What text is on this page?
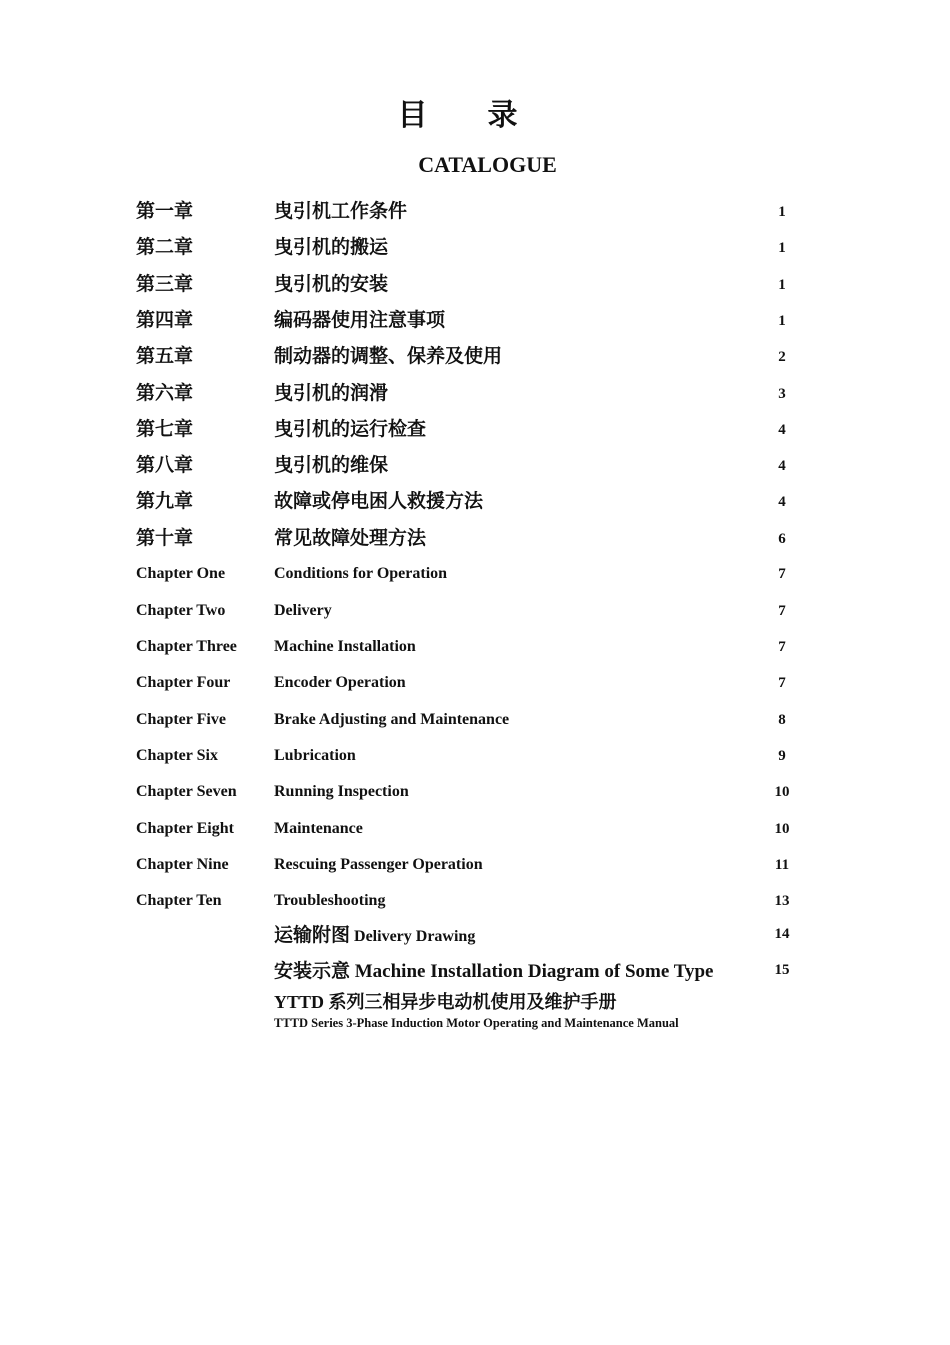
目录
CATALOGUE
第一章	曳引机工作条件	1
第二章	曳引机的搬运	1
第三章	曳引机的安装	1
第四章	编码器使用注意事项	1
第五章	制动器的调整、保养及使用	2
第六章	曳引机的润滑	3
第七章	曳引机的运行检查	4
第八章	曳引机的维保	4
第九章	故障或停电困人救援方法	4
第十章	常见故障处理方法	6
Chapter One	Conditions for Operation	7
Chapter Two	Delivery	7
Chapter Three Machine Installation	7
Chapter Four	Encoder Operation	7
Chapter Five	Brake Adjusting and Maintenance	8
Chapter Six	Lubrication	9
Chapter Seven Running Inspection	10
Chapter Eight	Maintenance	10
Chapter Nine	Rescuing Passenger Operation	11
Chapter Ten	Troubleshooting	13
运输附图 Delivery Drawing	14
安装示意 Machine Installation Diagram of Some Type	15
YTTD 系列三相异步电动机使用及维护手册
TTTD Series 3-Phase Induction Motor Operating and Maintenance Manual
